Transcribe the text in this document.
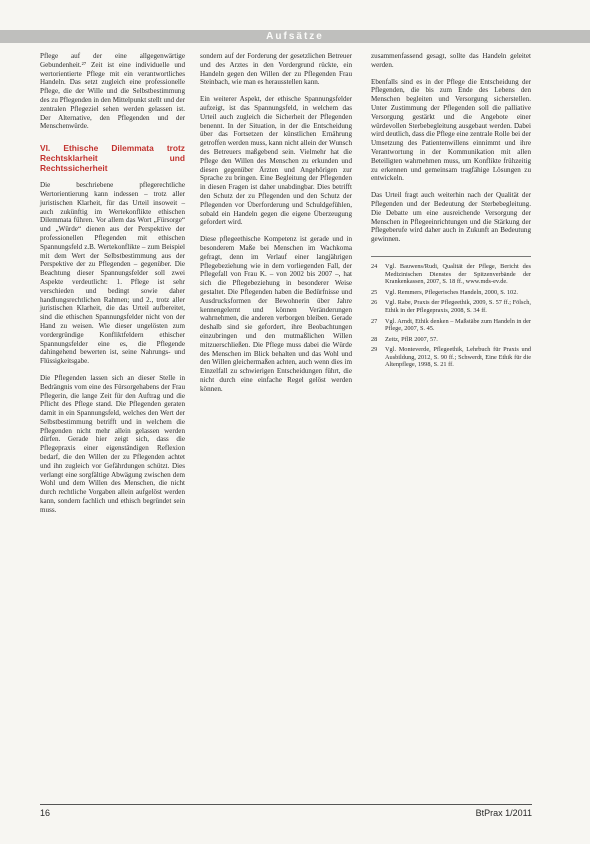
Aufsätze

Pflege auf der eine allgegenwärtige Gebundenheit.²⁷ Zeit ist eine individuelle und wertorientierte Pflege mit ein verantwortliches Handeln. Das setzt zugleich eine professionelle Pflege, die der Wille und die Selbstbestimmung des zu Pflegenden in den Mittelpunkt stellt und der zentralen Pflegeziel sehen werden gelassen ist. Der Alternative, den Pflegenden und der Menschenwürde.

VI. Ethische Dilemmata trotz Rechtsklarheit und Rechtssicherheit

Die beschriebene pflegerechtliche Wertorientierung kann indessen – trotz aller juristischen Klarheit, für das Urteil insoweit – auch zukünftig im Wertekonflikte ethischen Dilemmata führen. Vor allem das Wort „Fürsorge“ und „Würde“ dienen aus der Perspektive der professionellen Pflegenden mit ethischen Spannungsfeld z.B. Wertekonflikte – zum Beispiel mit dem Wert der Selbstbestimmung aus der Perspektive der zu Pflegenden – gegenüber. Die Beachtung dieser Spannungsfelder soll zwei Aspekte verdeutlicht: 1. Pflege ist sehr verschieden und bedingt sowie daher handlungsrechtlichen Rahmen; und 2., trotz aller juristischen Klarheit, die das Urteil aufbereitet, sind die ethischen Spannungsfelder nicht von der Hand zu weisen. Wie dieser ungelösten zum vordergründige Konfliktfeldern ethischer Spannungsfelder eine es, die Pflegende dahingehend bewerten ist, seine Nahrungs- und Flüssigkeitsgabe.

Die Pflegenden lassen sich an dieser Stelle in Bedrängnis vom eine des Fürsorgehabens der Frau Pflegerin, die lange Zeit für den Auftrag und die Pflicht des Pflege stand. Die Pflegenden geraten damit in ein Spannungsfeld, welches den Wert der Selbstbestimmung betrifft und in welchem die Pflegenden nicht mehr allein gelassen werden dürfen. Gerade hier zeigt sich, dass die Pflegepraxis einer eigenständigen Reflexion bedarf, die den Willen der zu Pflegenden achtet und ihn zugleich vor Gefährdungen schützt. Dies verlangt eine sorgfältige Abwägung zwischen dem Wohl und dem Willen des Menschen, die nicht durch rechtliche Vorgaben allein aufgelöst werden kann, sondern fachlich und ethisch begründet sein muss.

sondern auf der Forderung der gesetzlichen Betreuer und des Arztes in den Vordergrund rückte, ein Handeln gegen den Willen der zu Pflegenden Frau Steinbach, wie man es herausstellen kann.

Ein weiterer Aspekt, der ethische Spannungsfelder aufzeigt, ist das Spannungsfeld, in welchem das Urteil auch zugleich die Sicherheit der Pflegenden benennt. In der Situation, in der die Entscheidung über das Fortsetzen der künstlichen Ernährung getroffen werden muss, kann nicht allein der Wunsch des Betreuers maßgebend sein. Vielmehr hat die Pflege den Willen des Menschen zu erkunden und diesen gegenüber Ärzten und Angehörigen zur Sprache zu bringen. Eine Begleitung der Pflegenden in diesen Fragen ist daher unabdingbar. Dies betrifft den Schutz der zu Pflegenden und den Schutz der Pflegenden vor Überforderung und Schuldgefühlen, sobald ein Handeln gegen die eigene Überzeugung gefordert wird.

Diese pflegeethische Kompetenz ist gerade und in besonderem Maße bei Menschen im Wachkoma gefragt, denn im Verlauf einer langjährigen Pflegebeziehung wie in dem vorliegenden Fall, der Pflegefall von Frau K. – von 2002 bis 2007 –, hat sich die Pflegebeziehung in besonderer Weise gestaltet. Die Pflegenden haben die Bedürfnisse und Ausdrucksformen der Bewohnerin über Jahre kennengelernt und können Veränderungen wahrnehmen, die anderen verborgen bleiben. Gerade deshalb sind sie gefordert, ihre Beobachtungen einzubringen und den mutmaßlichen Willen mitzuerschließen. Die Pflege muss dabei die Würde des Menschen im Blick behalten und das Wohl und den Willen gleichermaßen achten, auch wenn dies im Einzelfall zu schwierigen Entscheidungen führt, die nicht durch eine einfache Regel gelöst werden können.

zusammenfassend gesagt, sollte das Handeln geleitet werden.

Ebenfalls sind es in der Pflege die Entscheidung der Pflegenden, die bis zum Ende des Lebens den Menschen begleiten und Versorgung sicherstellen. Unter Zustimmung der Pflegenden soll die palliative Versorgung gestärkt und die Angebote einer würdevollen Sterbebegleitung ausgebaut werden. Dabei wird deutlich, dass die Pflege eine zentrale Rolle bei der Umsetzung des Patientenwillens einnimmt und ihre Verantwortung in der Kommunikation mit allen Beteiligten wahrnehmen muss, um Konflikte frühzeitig zu erkennen und gemeinsam tragfähige Lösungen zu entwickeln.

Das Urteil fragt auch weiterhin nach der Qualität der Pflegenden und der Bedeutung der Sterbebegleitung. Die Debatte um eine ausreichende Versorgung der Menschen in Pflegeeinrichtungen und die Stärkung der Pflegeberufe wird daher auch in Zukunft an Bedeutung gewinnen.

24	Vgl. Bauwens/Rudi, Qualität der Pflege, Bericht des Medizinischen Dienstes der Spitzenverbände der Krankenkassen, 2007, S. 18 ff., www.mds-ev.de.
25	Vgl. Remmers, Pflegerisches Handeln, 2000, S. 102.
26	Vgl. Rabe, Praxis der Pflegeethik, 2009, S. 57 ff.; Fölsch, Ethik in der Pflegepraxis, 2008, S. 34 ff.
27	Vgl. Arndt, Ethik denken – Maßstäbe zum Handeln in der Pflege, 2007, S. 45.
28	Zeitz, PflR 2007, 57.
29	Vgl. Monteverde, Pflegeethik, Lehrbuch für Praxis und Ausbildung, 2012, S. 90 ff.; Schwerdt, Eine Ethik für die Altenpflege, 1998, S. 21 ff.
16	BtPrax 1/2011
